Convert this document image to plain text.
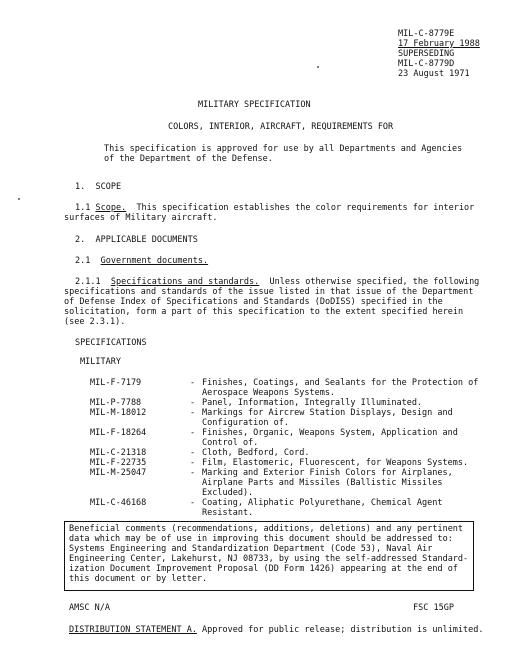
MIL-C-8779E
17 February 1988
SUPERSEDING
MIL-C-8779D
23 August 1971
MILITARY SPECIFICATION
COLORS, INTERIOR, AIRCRAFT, REQUIREMENTS FOR
This specification is approved for use by all Departments and Agencies
of the Department of the Defense.
1.  SCOPE
1.1 Scope.  This specification establishes the color requirements for interior
surfaces of Military aircraft.
2.  APPLICABLE DOCUMENTS
2.1 Government documents.
2.1.1 Specifications and standards.  Unless otherwise specified, the following
specifications and standards of the issue listed in that issue of the Department
of Defense Index of Specifications and Standards (DoDISS) specified in the
solicitation, form a part of this specification to the extent specified herein
(see 2.3.1).
SPECIFICATIONS
MILITARY
MIL-F-7179	- Finishes, Coatings, and Sealants for the Protection of
Aerospace Weapons Systems.
MIL-P-7788	- Panel, Information, Integrally Illuminated.
MIL-M-18012	- Markings for Aircrew Station Displays, Design and
Configuration of.
MIL-F-18264	- Finishes, Organic, Weapons System, Application and
Control of.
MIL-C-21318	- Cloth, Bedford, Cord.
MIL-F-22735	- Film, Elastomeric, Fluorescent, for Weapons Systems.
MIL-M-25047	- Marking and Exterior Finish Colors for Airplanes,
Airplane Parts and Missiles (Ballistic Missiles
Excluded).
MIL-C-46168	- Coating, Aliphatic Polyurethane, Chemical Agent
Resistant.
Beneficial comments (recommendations, additions, deletions) and any pertinent
data which may be of use in improving this document should be addressed to:
Systems Engineering and Standardization Department (Code 53), Naval Air
Engineering Center, Lakehurst, NJ 08733, by using the self-addressed Standard-
ization Document Improvement Proposal (DD Form 1426) appearing at the end of
this document or by letter.
AMSC N/A	FSC 15GP
DISTRIBUTION STATEMENT A. Approved for public release; distribution is unlimited.
